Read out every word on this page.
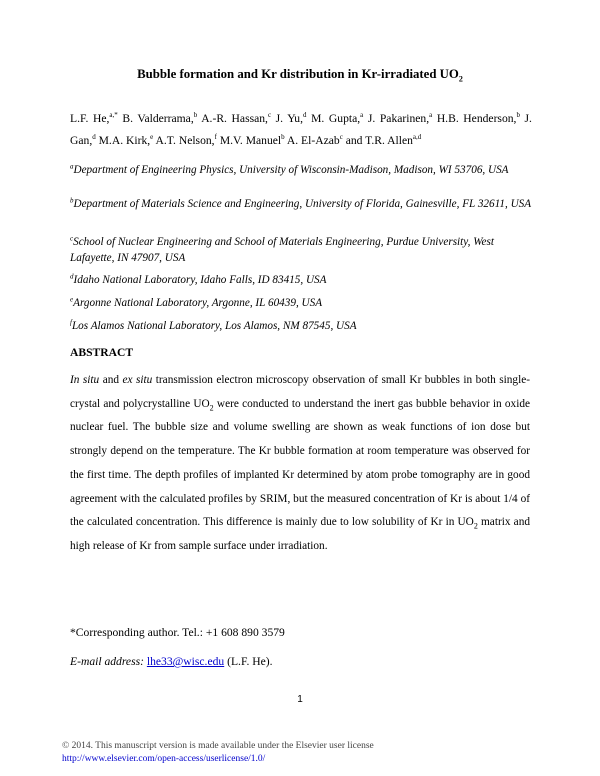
Bubble formation and Kr distribution in Kr-irradiated $UO_2$
L.F. He,$^{a,*}$ B. Valderrama,$^b$ A.-R. Hassan,$^c$ J. Yu,$^d$ M. Gupta,$^a$ J. Pakarinen,$^a$ H.B. Henderson,$^b$ J. Gan,$^d$ M.A. Kirk,$^e$ A.T. Nelson,$^f$ M.V. Manuel$^b$ A. El-Azab$^c$ and T.R. Allen$^{a,d}$
$^a$Department of Engineering Physics, University of Wisconsin-Madison, Madison, WI 53706, USA
$^b$Department of Materials Science and Engineering, University of Florida, Gainesville, FL 32611, USA
$^c$School of Nuclear Engineering and School of Materials Engineering, Purdue University, West Lafayette, IN 47907, USA
$^d$Idaho National Laboratory, Idaho Falls, ID 83415, USA
$^e$Argonne National Laboratory, Argonne, IL 60439, USA
$^f$Los Alamos National Laboratory, Los Alamos, NM 87545, USA
ABSTRACT
In situ and ex situ transmission electron microscopy observation of small Kr bubbles in both single-crystal and polycrystalline $UO_2$ were conducted to understand the inert gas bubble behavior in oxide nuclear fuel. The bubble size and volume swelling are shown as weak functions of ion dose but strongly depend on the temperature. The Kr bubble formation at room temperature was observed for the first time. The depth profiles of implanted Kr determined by atom probe tomography are in good agreement with the calculated profiles by SRIM, but the measured concentration of Kr is about 1/4 of the calculated concentration. This difference is mainly due to low solubility of Kr in $UO_2$ matrix and high release of Kr from sample surface under irradiation.
*Corresponding author. Tel.: +1 608 890 3579
E-mail address: lhe33@wisc.edu (L.F. He).
1
© 2014. This manuscript version is made available under the Elsevier user license
http://www.elsevier.com/open-access/userlicense/1.0/
